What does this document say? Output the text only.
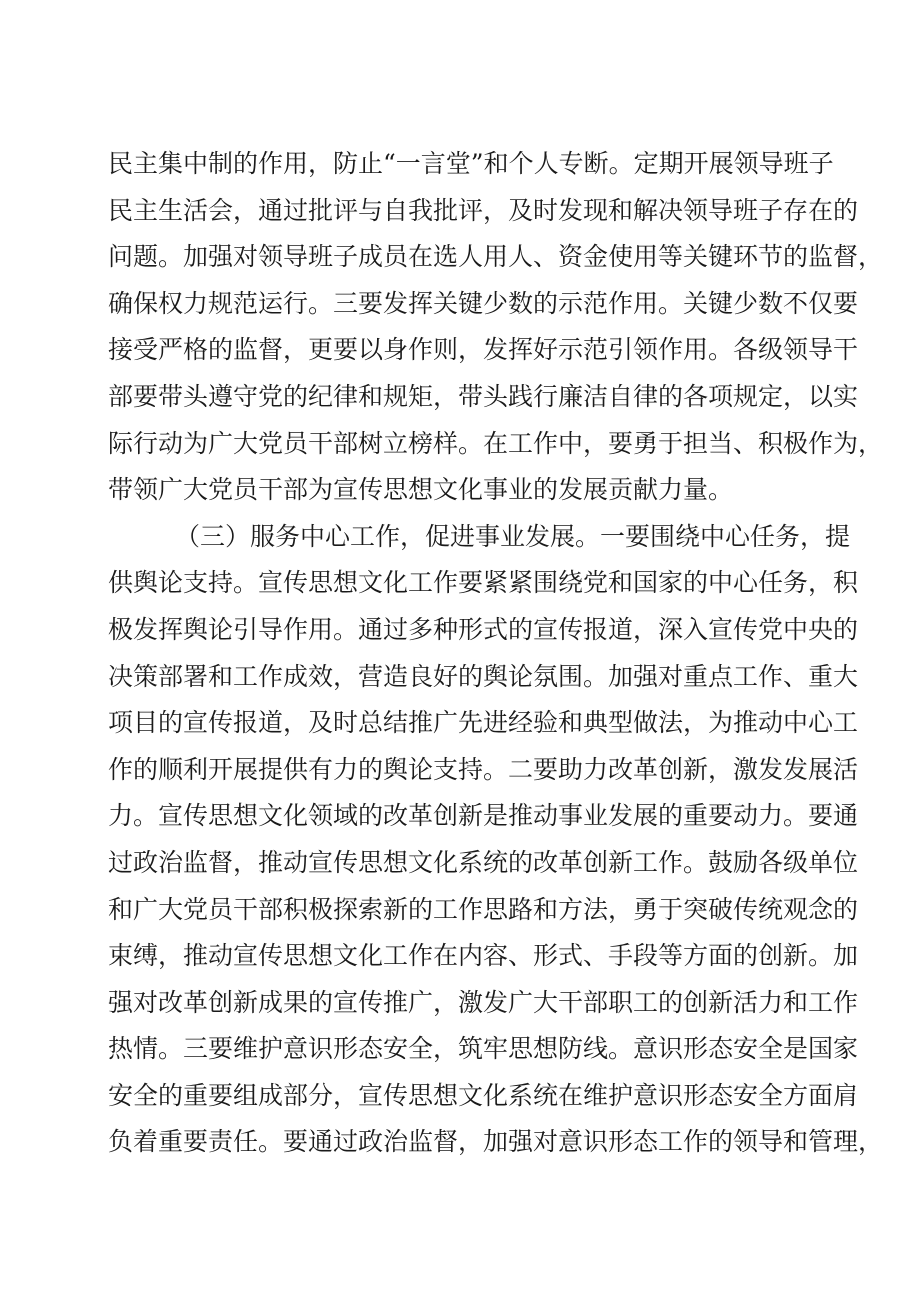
民主集中制的作用，防止“一言堂”和个人专断。定期开展领导班子
民主生活会，通过批评与自我批评，及时发现和解决领导班子存在的
问题。加强对领导班子成员在选人用人、资金使用等关键环节的监督，
确保权力规范运行。三要发挥关键少数的示范作用。关键少数不仅要
接受严格的监督，更要以身作则，发挥好示范引领作用。各级领导干
部要带头遵守党的纪律和规矩，带头践行廉洁自律的各项规定，以实
际行动为广大党员干部树立榜样。在工作中，要勇于担当、积极作为，
带领广大党员干部为宣传思想文化事业的发展贡献力量。
（三）服务中心工作，促进事业发展。一要围绕中心任务，提
供舆论支持。宣传思想文化工作要紧紧围绕党和国家的中心任务，积
极发挥舆论引导作用。通过多种形式的宣传报道，深入宣传党中央的
决策部署和工作成效，营造良好的舆论氛围。加强对重点工作、重大
项目的宣传报道，及时总结推广先进经验和典型做法，为推动中心工
作的顺利开展提供有力的舆论支持。二要助力改革创新，激发发展活
力。宣传思想文化领域的改革创新是推动事业发展的重要动力。要通
过政治监督，推动宣传思想文化系统的改革创新工作。鼓励各级单位
和广大党员干部积极探索新的工作思路和方法，勇于突破传统观念的
束缚，推动宣传思想文化工作在内容、形式、手段等方面的创新。加
强对改革创新成果的宣传推广，激发广大干部职工的创新活力和工作
热情。三要维护意识形态安全，筑牢思想防线。意识形态安全是国家
安全的重要组成部分，宣传思想文化系统在维护意识形态安全方面肩
负着重要责任。要通过政治监督，加强对意识形态工作的领导和管理，
